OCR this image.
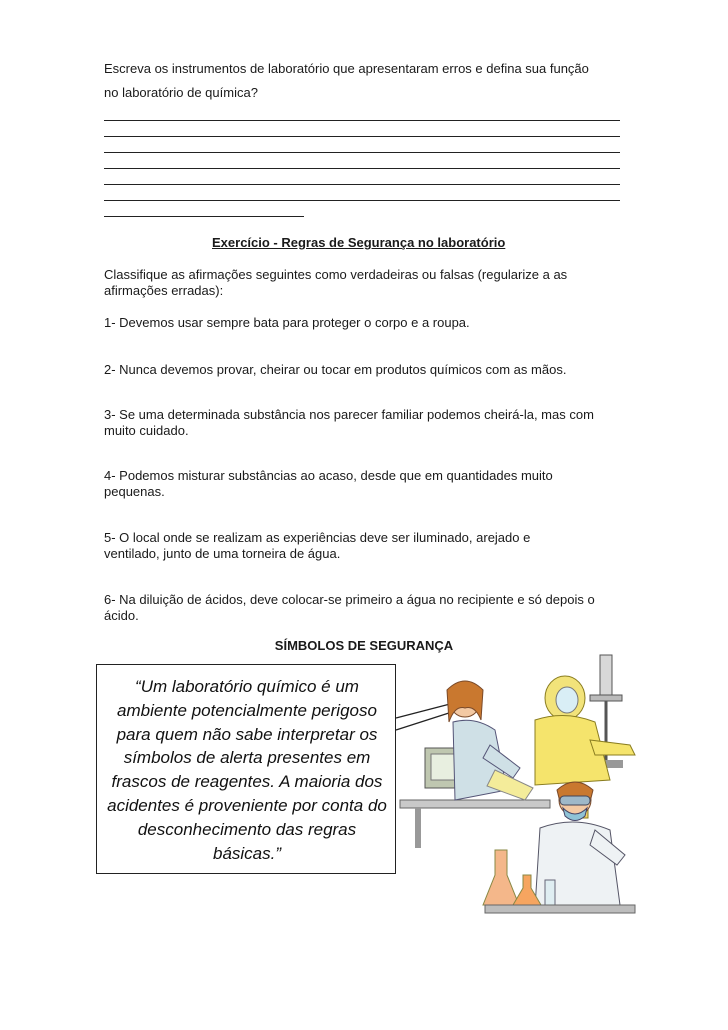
Escreva os instrumentos de laboratório que apresentaram erros e defina sua função
no laboratório de química?
Exercício - Regras de Segurança no laboratório
Classifique as afirmações seguintes como verdadeiras ou falsas (regularize a as
afirmações erradas):
1- Devemos usar sempre bata para proteger o corpo e a roupa.
2- Nunca devemos provar, cheirar ou tocar em produtos químicos com as mãos.
3- Se uma determinada substância nos parecer familiar podemos cheirá-la, mas com
muito cuidado.
4- Podemos misturar substâncias ao acaso, desde que em quantidades muito
pequenas.
5- O local onde se realizam as experiências deve ser iluminado, arejado e
ventilado, junto de uma torneira de água.
6- Na diluição de ácidos, deve colocar-se primeiro a água no recipiente e só depois o
ácido.
SÍMBOLOS DE SEGURANÇA
“Um laboratório químico é um
ambiente potencialmente perigoso
para quem não sabe interpretar os
símbolos de alerta presentes em
frascos de reagentes. A maioria dos
acidentes é proveniente por conta do
desconhecimento das regras
básicas.”
